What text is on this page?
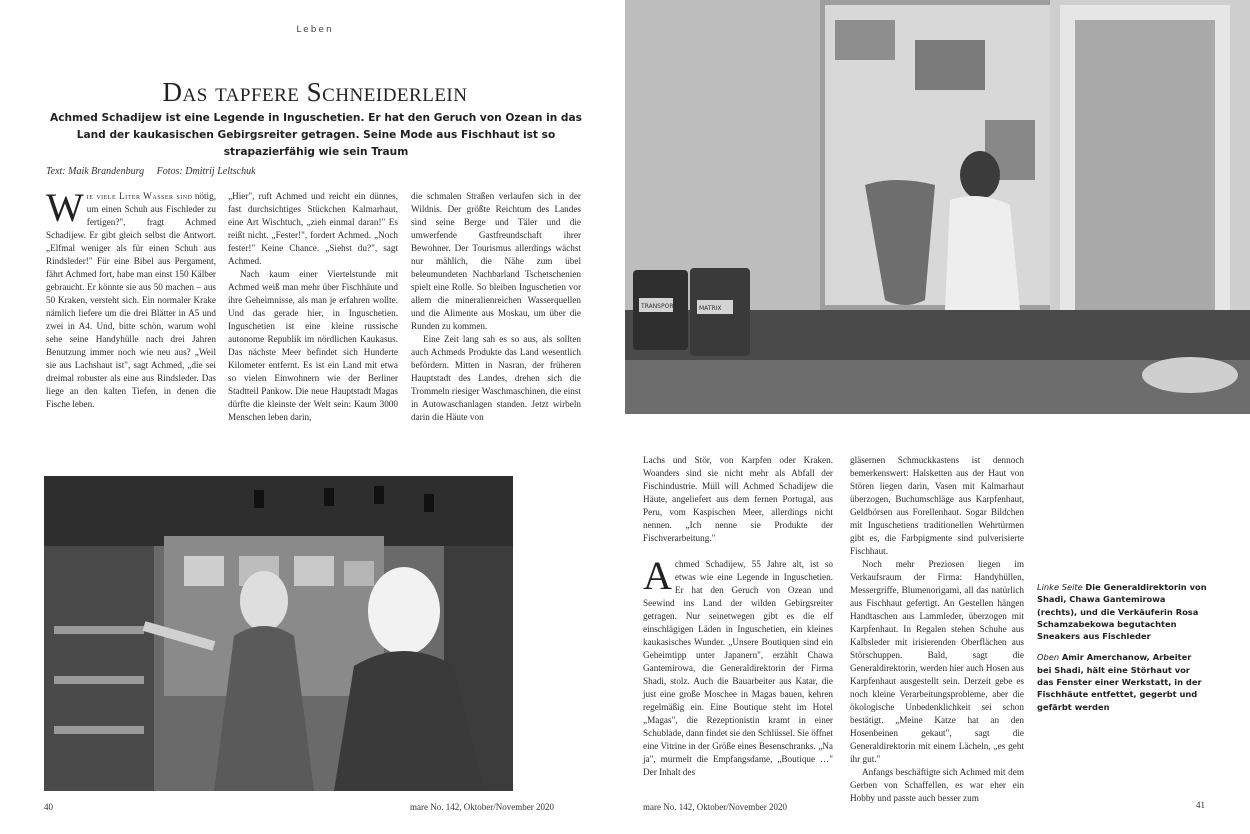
Leben
Das tapfere Schneiderlein
Achmed Schadijew ist eine Legende in Inguschetien. Er hat den Geruch von Ozean in das Land der kaukasischen Gebirgsreiter getragen. Seine Mode aus Fischhaut ist so strapazierfähig wie sein Traum
Text: Maik Brandenburg Fotos: Dmitrij Leltschuk

Wie viele Liter Wasser sind nötig, um einen Schuh aus Fischleder zu fertigen?", fragt Achmed Schadijew. Er gibt gleich selbst die Antwort. „Elfmal weniger als für einen Schuh aus Rindsleder!" Für eine Bibel aus Pergament, fährt Achmed fort, habe man einst 150 Kälber gebraucht. Er könnte sie aus 50 machen – aus 50 Kraken, versteht sich. Ein normaler Krake nämlich liefere um die drei Blätter in A5 und zwei in A4. Und, bitte schön, warum wohl sehe seine Handyhülle nach drei Jahren Benutzung immer noch wie neu aus? „Weil sie aus Lachshaut ist", sagt Achmed, „die sei dreimal robuster als eine aus Rindsleder. Das liege an den kalten Tiefen, in denen die Fische leben.

„Hier", ruft Achmed und reicht ein dünnes, fast durchsichtiges Stückchen Kalmarhaut, eine Art Wischtuch, „zieh einmal daran!" Es reißt nicht. „Fester!", fordert Achmed. „Noch fester!" Keine Chance. „Siehst du?", sagt Achmed.

Nach kaum einer Viertelstunde mit Achmed weiß man mehr über Fischhäute und ihre Geheimnisse, als man je erfahren wollte. Und das gerade hier, in Inguschetien. Inguschetien ist eine kleine russische autonome Republik im nördlichen Kaukasus. Das nächste Meer befindet sich Hunderte Kilometer entfernt. Es ist ein Land mit etwa so vielen Einwohnern wie der Berliner Stadtteil Pankow. Die neue Hauptstadt Magas dürfte die kleinste der Welt sein: Kaum 3000 Menschen leben darin,

die schmalen Straßen verlaufen sich in der Wildnis. Der größte Reichtum des Landes sind seine Berge und Täler und die umwerfende Gastfreundschaft ihrer Bewohner. Der Tourismus allerdings wächst nur mählich, die Nähe zum übel beleumundeten Nachbarland Tschetschenien spielt eine Rolle. So bleiben Inguschetien vor allem die mineralienreichen Wasserquellen und die Alimente aus Moskau, um über die Runden zu kommen.

Eine Zeit lang sah es so aus, als sollten auch Achmeds Produkte das Land wesentlich befördern. Mitten in Nasran, der früheren Hauptstadt des Landes, drehen sich die Trommeln riesiger Waschmaschinen, die einst in Autowaschanlagen standen. Jetzt wirbeln darin die Häute von

TRANSPORT	MATRIX

Lachs und Stör, von Karpfen oder Kraken. Woanders sind sie nicht mehr als Abfall der Fischindustrie. Müll will Achmed Schadijew die Häute, angeliefert aus dem fernen Portugal, aus Peru, vom Kaspischen Meer, allerdings nicht nennen. „Ich nenne sie Produkte der Fischverarbeitung."

Achmed Schadijew, 55 Jahre alt, ist so etwas wie eine Legende in Inguschetien. Er hat den Geruch von Ozean und Seewind ins Land der wilden Gebirgsreiter getragen. Nur seinetwegen gibt es die elf einschlägigen Läden in Inguschetien, ein kleines kaukasisches Wunder. „Unsere Boutiquen sind ein Geheimtipp unter Japanern", erzählt Chawa Gantemirowa, die Generaldirektorin der Firma Shadi, stolz. Auch die Bauarbeiter aus Katar, die just eine große Moschee in Magas bauen, kehren regelmäßig ein. Eine Boutique steht im Hotel „Magas", die Rezeptionistin kramt in einer Schublade, dann findet sie den Schlüssel. Sie öffnet eine Vitrine in der Größe eines Besenschranks. „Na ja", murmelt die Empfangsdame, „Boutique …" Der Inhalt des

gläsernen Schmuckkastens ist dennoch bemerkenswert: Halsketten aus der Haut von Stören liegen darin, Vasen mit Kalmarhaut überzogen, Buchumschläge aus Karpfenhaut, Geldbörsen aus Forellenhaut. Sogar Bildchen mit Inguschetiens traditionellen Wehrtürmen gibt es, die Farbpigmente sind pulverisierte Fischhaut.

Noch mehr Preziosen liegen im Verkaufsraum der Firma: Handyhüllen, Messergriffe, Blumenorigami, all das natürlich aus Fischhaut gefertigt. An Gestellen hängen Handtaschen aus Lammleder, überzogen mit Karpfenhaut. In Regalen stehen Schuhe aus Kalbsleder mit irisierenden Oberflächen aus Störschuppen. Bald, sagt die Generaldirektorin, werden hier auch Hosen aus Karpfenhaut ausgestellt sein. Derzeit gebe es noch kleine Verarbeitungsprobleme, aber die ökologische Unbedenklichkeit sei schon bestätigt. „Meine Katze hat an den Hosenbeinen gekaut", sagt die Generaldirektorin mit einem Lächeln, „es geht ihr gut."

Anfangs beschäftigte sich Achmed mit dem Gerben von Schaffellen, es war eher ein Hobby und passte auch besser zum

Linke Seite Die Generaldirektorin von Shadi, Chawa Gantemirowa (rechts), und die Verkäuferin Rosa Schamzabekowa begutachten Sneakers aus Fischleder

Oben Amir Amerchanow, Arbeiter bei Shadi, hält eine Störhaut vor das Fenster einer Werkstatt, in der Fischhäute entfettet, gegerbt und gefärbt werden

40	mare No. 142, Oktober/November 2020	mare No. 142, Oktober/November 2020	41
